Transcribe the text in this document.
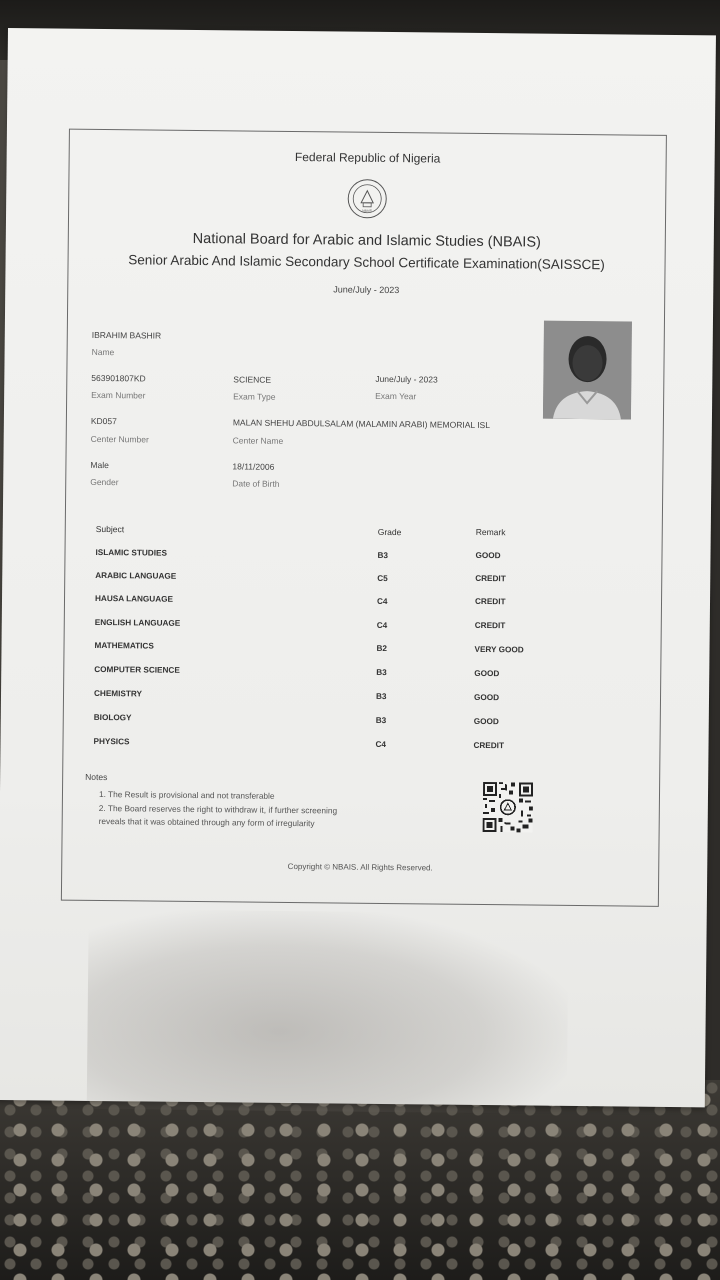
Federal Republic of Nigeria

NBAIS

National Board for Arabic and Islamic Studies (NBAIS)

Senior Arabic And Islamic Secondary School Certificate Examination(SAISSCE)

June/July - 2023

IBRAHIM BASHIR

Name

563901807KD

Exam Number

SCIENCE

Exam Type

June/July - 2023

Exam Year

KD057

Center Number

MALAN SHEHU ABDULSALAM (MALAMIN ARABI) MEMORIAL ISL

Center Name

Male

Gender

18/11/2006

Date of Birth

Subject	Grade	Remark

ISLAMIC STUDIES	B3	GOOD

ARABIC LANGUAGE	C5	CREDIT

HAUSA LANGUAGE	C4	CREDIT

ENGLISH LANGUAGE	C4	CREDIT

MATHEMATICS	B2	VERY GOOD

COMPUTER SCIENCE	B3	GOOD

CHEMISTRY	B3	GOOD

BIOLOGY	B3	GOOD

PHYSICS	C4	CREDIT

Notes

1. The Result is provisional and not transferable

2. The Board reserves the right to withdraw it, if further screening reveals that it was obtained through any form of irregularity

Copyright © NBAIS. All Rights Reserved.
